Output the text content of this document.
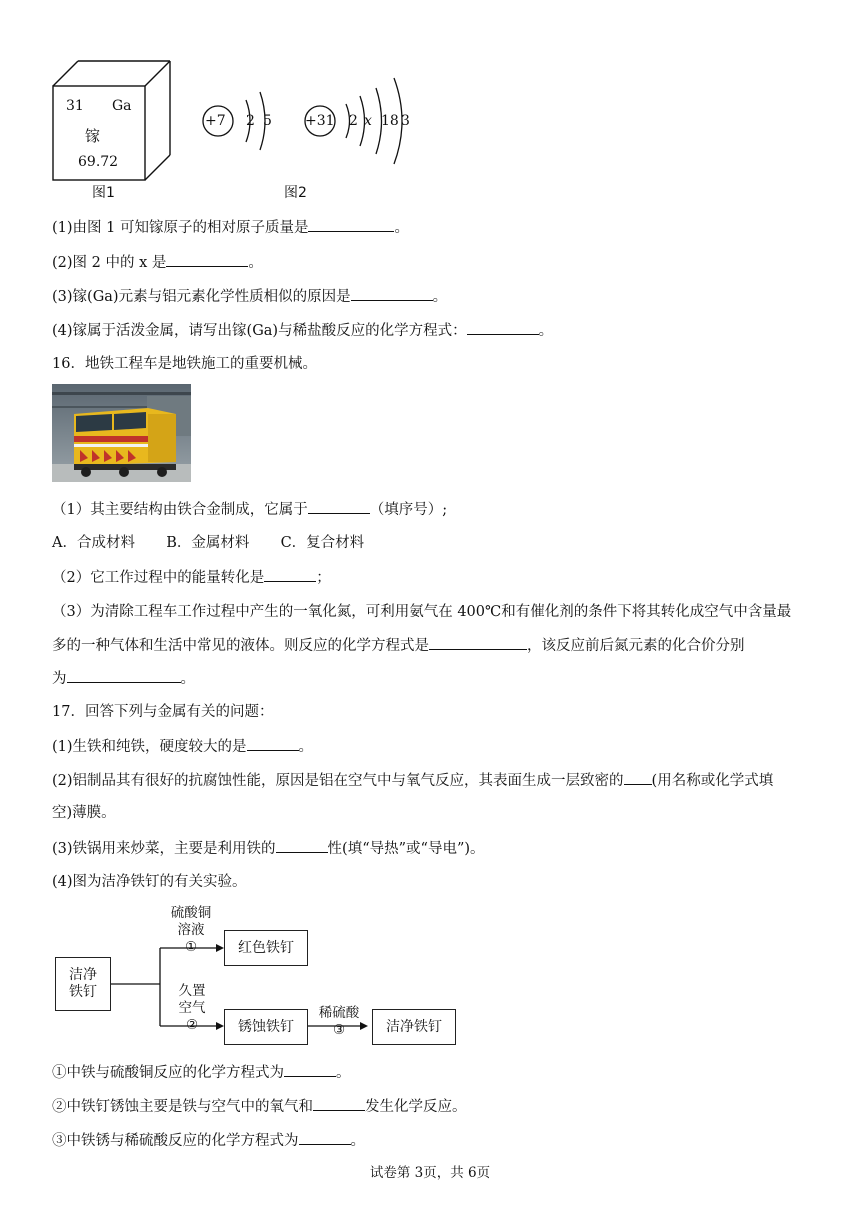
31 Ga
镓
69.72
图1
+7 2 5 +31 2 x 18 3
图2
(1)由图 1 可知镓原子的相对原子质量是	。
(2)图 2 中的 x 是	。
(3)镓(Ga)元素与铝元素化学性质相似的原因是	。
(4)镓属于活泼金属，请写出镓(Ga)与稀盐酸反应的化学方程式：	。
16．地铁工程车是地铁施工的重要机械。
（1）其主要结构由铁合金制成，它属于	（填序号）;
A．合成材料 B．金属材料 C．复合材料
（2）它工作过程中的能量转化是	；
（3）为清除工程车工作过程中产生的一氧化氮，可利用氨气在 400℃和有催化剂的条件下将其转化成空气中含量最
多的一种气体和生活中常见的液体。则反应的化学方程式是	，该反应前后氮元素的化合价分别
为	。
17．回答下列与金属有关的问题：
(1)生铁和纯铁，硬度较大的是	。
(2)铝制品其有很好的抗腐蚀性能，原因是铝在空气中与氧气反应，其表面生成一层致密的 (用名称或化学式填
空)薄膜。
(3)铁锅用来炒菜，主要是利用铁的	性(填“导热”或“导电”)。
(4)图为洁净铁钉的有关实验。
洁净
铁钉
硫酸铜
溶液
①	红色铁钉
久置
空气
②	锈蚀铁钉
稀硫酸
③	洁净铁钉
①中铁与硫酸铜反应的化学方程式为	。
②中铁钉锈蚀主要是铁与空气中的氧气和	发生化学反应。
③中铁锈与稀硫酸反应的化学方程式为	。
试卷第 3页，共 6页
